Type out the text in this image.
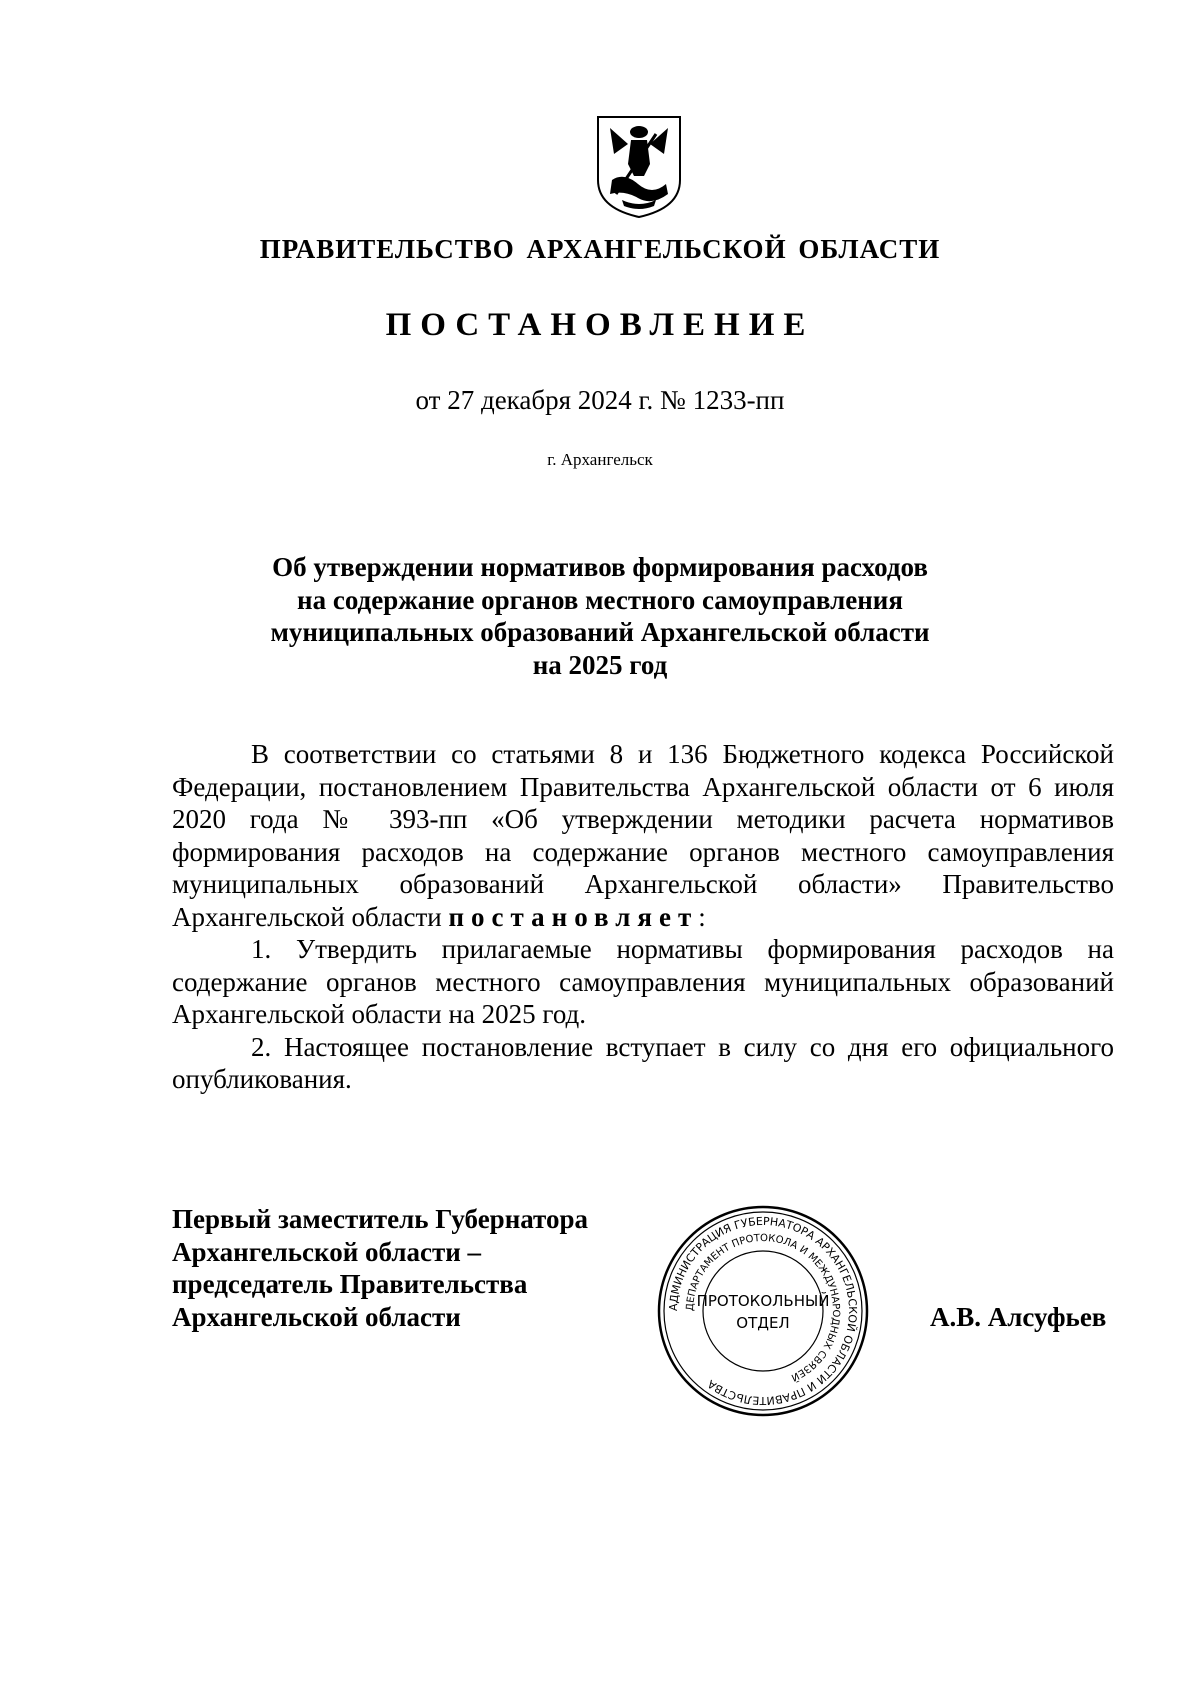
ПРАВИТЕЛЬСТВО АРХАНГЕЛЬСКОЙ ОБЛАСТИ
ПОСТАНОВЛЕНИЕ
от 27 декабря 2024 г. № 1233-пп
г. Архангельск
Об утверждении нормативов формирования расходов
на содержание органов местного самоуправления
муниципальных образований Архангельской области
на 2025 год

В соответствии со статьями 8 и 136 Бюджетного кодекса Российской Федерации, постановлением Правительства Архангельской области от 6 июля 2020 года № 393-пп «Об утверждении методики расчета нормативов формирования расходов на содержание органов местного самоуправления муниципальных образований Архангельской области» Правительство Архангельской области постановляет:

1. Утвердить прилагаемые нормативы формирования расходов на содержание органов местного самоуправления муниципальных образований Архангельской области на 2025 год.

2. Настоящее постановление вступает в силу со дня его официального опубликования.

Первый заместитель Губернатора
Архангельской области –
председатель Правительства
Архангельской области	АДМИНИСТРАЦИЯ ГУБЕРНАТОРА АРХАНГЕЛЬСКОЙ ОБЛАСТИ И ПРАВИТЕЛЬСТВА
ДЕПАРТАМЕНТ ПРОТОКОЛА И МЕЖДУНАРОДНЫХ СВЯЗЕЙ
ПРОТОКОЛЬНЫЙ
ОТДЕЛ	А.В. Алсуфьев
